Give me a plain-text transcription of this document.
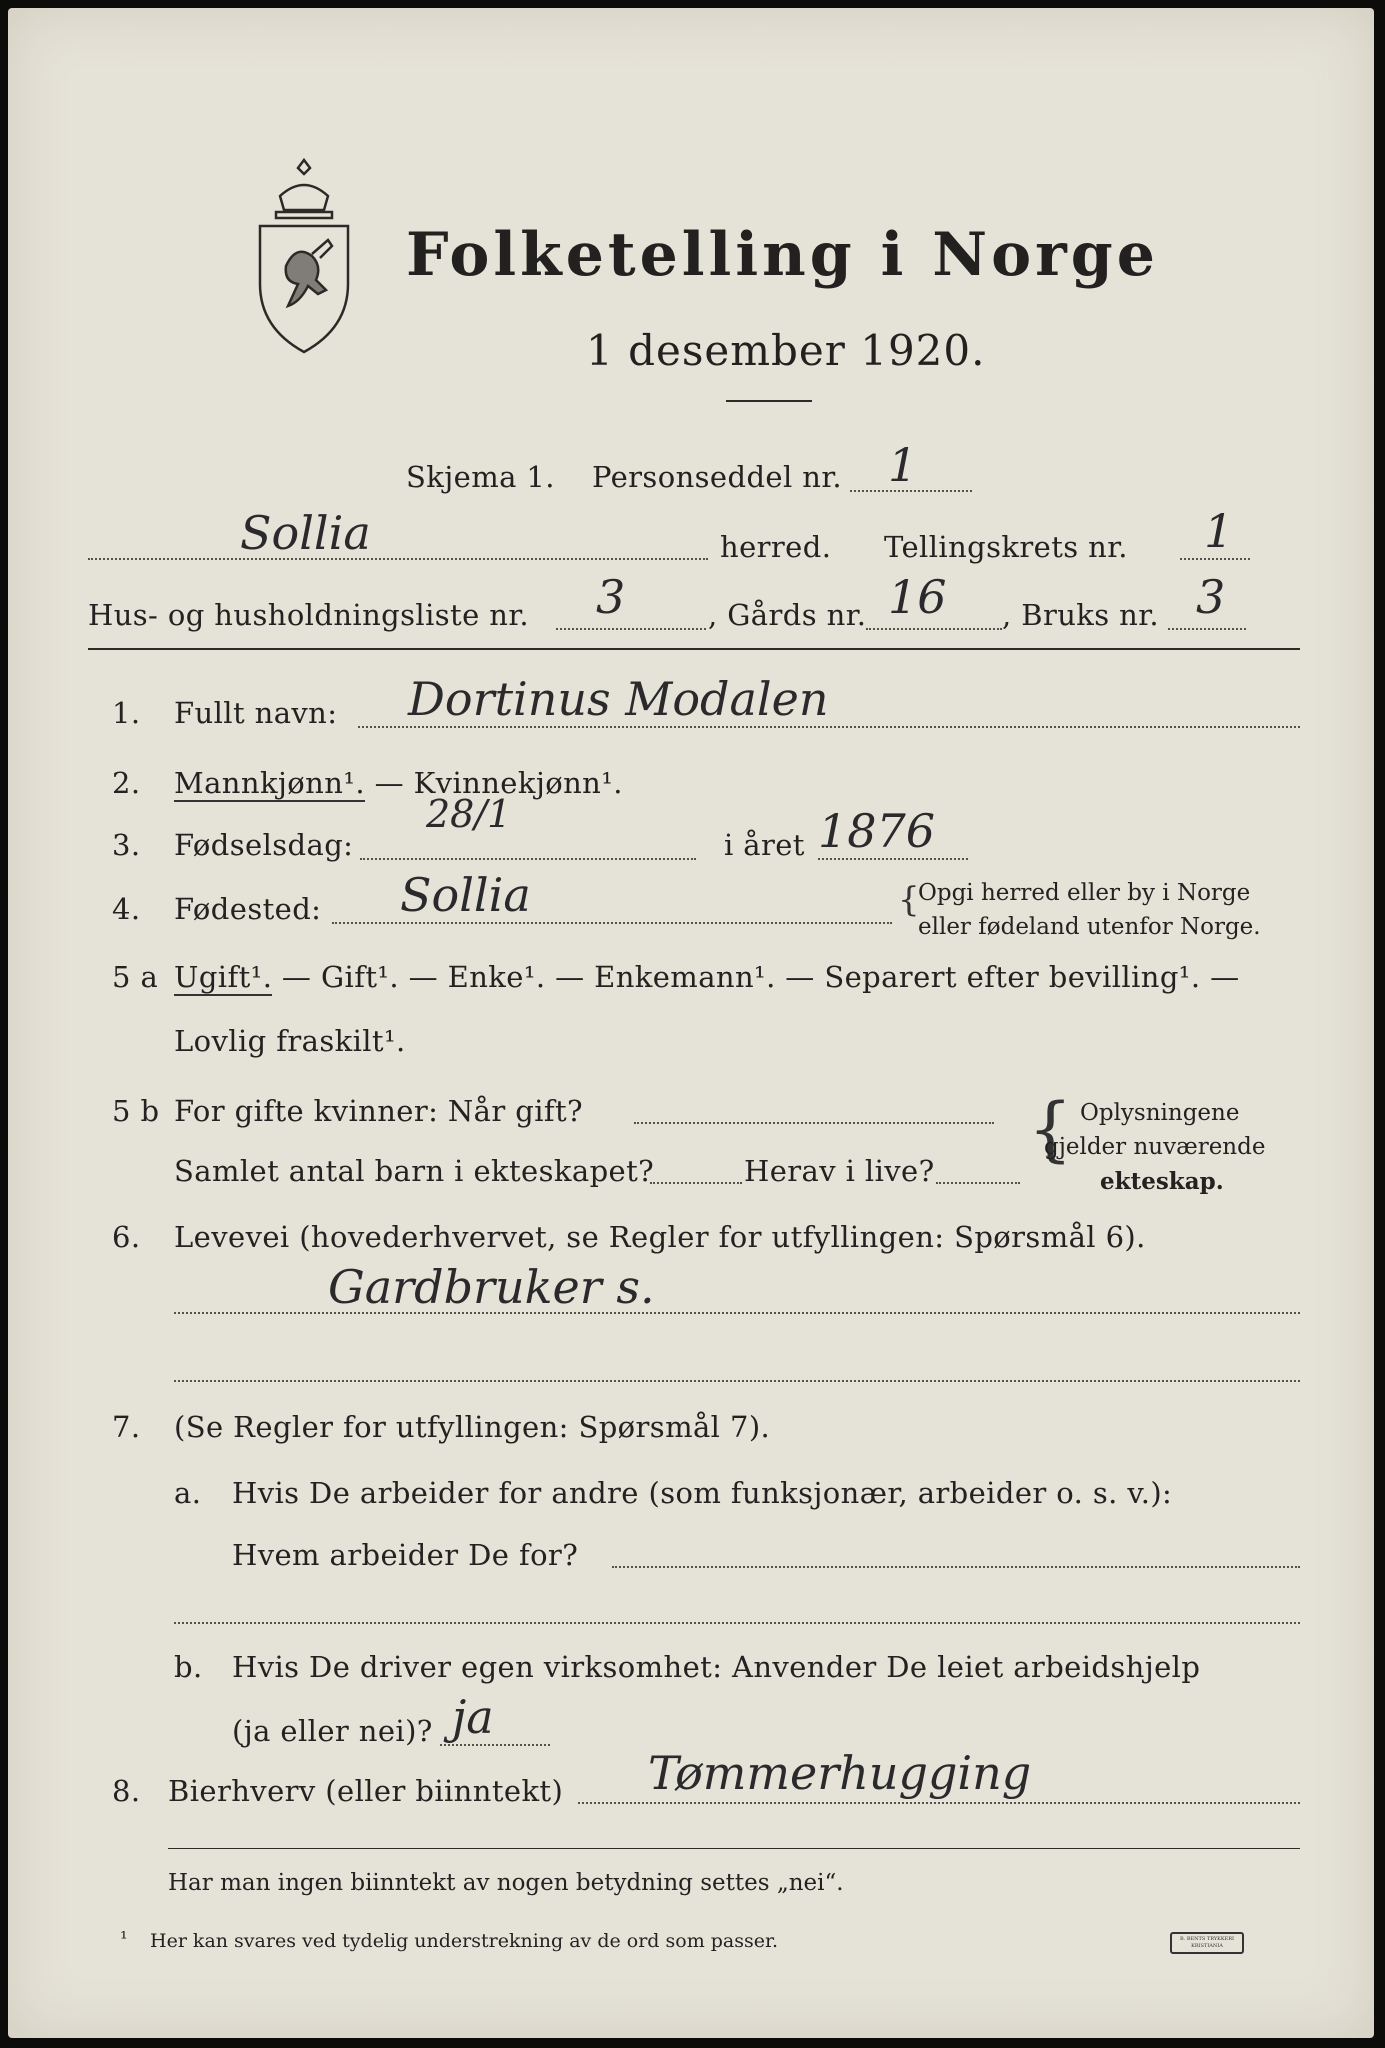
Folketelling i Norge
1 desember 1920.
Skjema 1. Personseddel nr. 1
Sollia	herred. Tellingskrets nr. 1
Hus- og husholdningsliste nr. 3	, Gårds nr. 16 , Bruks nr. 3
1. Fullt navn: Dortinus Modalen
2. Mannkjønn¹. — Kvinnekjønn¹.
3. Fødselsdag:
28/1
i året 1876
4. Fødested: Sollia	{
Opgi herred eller by i Norge
eller fødeland utenfor Norge.
5 a Ugift¹. — Gift¹. — Enke¹. — Enkemann¹. — Separert efter bevilling¹. —
Lovlig fraskilt¹.
5 b For gifte kvinner: Når gift?
Samlet antal barn i ekteskapet?	Herav i live?
{ Oplysningene
gjelder nuværende
ekteskap.
6. Levevei (hovederhvervet, se Regler for utfyllingen: Spørsmål 6).
Gardbruker s.
7. (Se Regler for utfyllingen: Spørsmål 7).
a. Hvis De arbeider for andre (som funksjonær, arbeider o. s. v.):
Hvem arbeider De for?
b. Hvis De driver egen virksomhet: Anvender De leiet arbeidshjelp
(ja eller nei)? ja
8. Bierhverv (eller biinntekt) Tømmerhugging
Har man ingen biinntekt av nogen betydning settes „nei“.
¹ Her kan svares ved tydelig understrekning av de ord som passer.	B. BENTS TRYKKERI
KRISTIANIA
